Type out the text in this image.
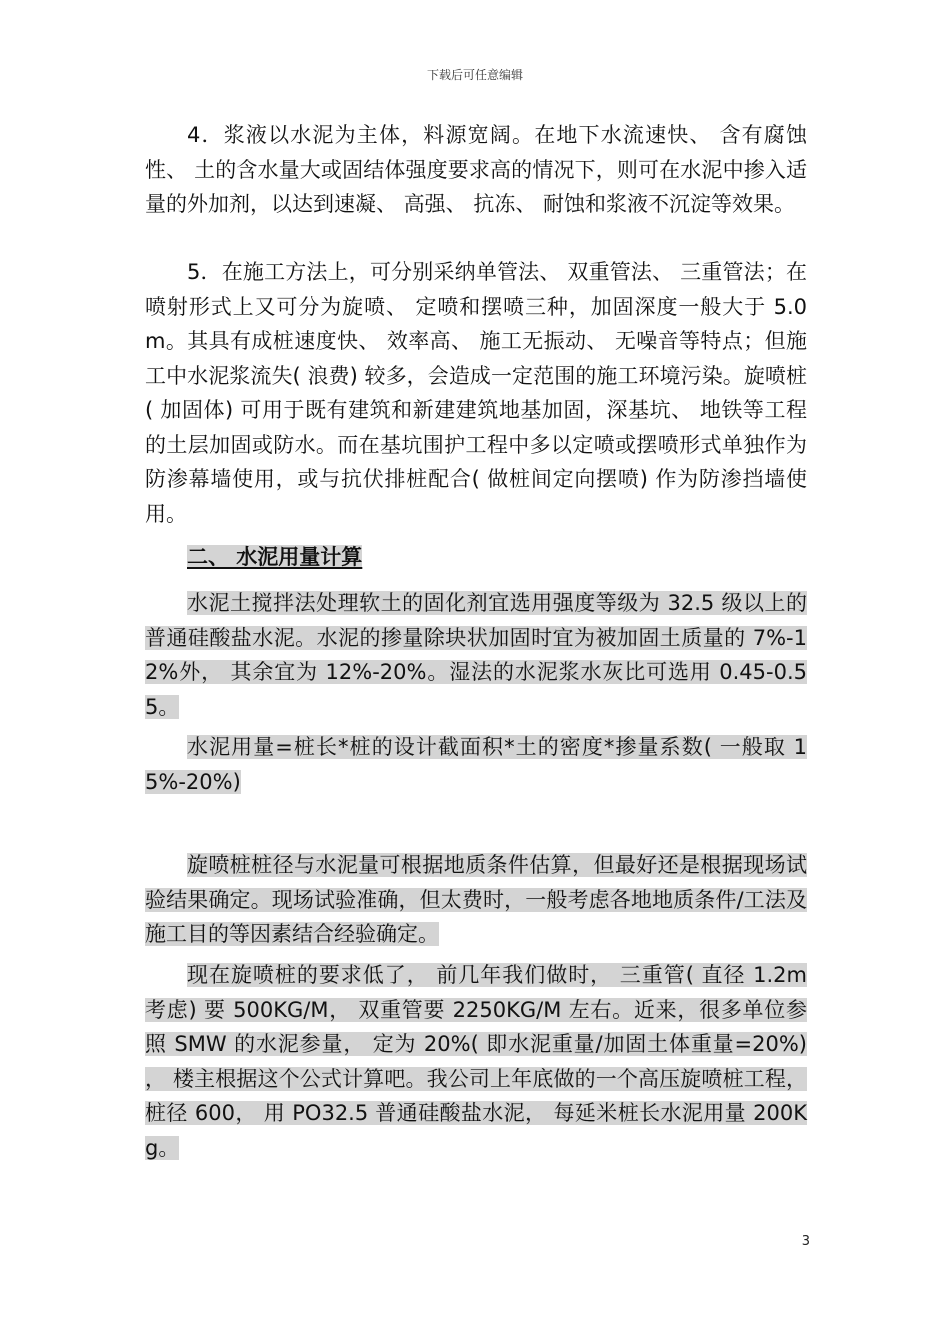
下载后可任意编辑

4．浆液以水泥为主体，料源宽阔。在地下水流速快、 含有腐蚀性、 土的含水量大或固结体强度要求高的情况下，则可在水泥中掺入适量的外加剂，以达到速凝、 高强、 抗冻、 耐蚀和浆液不沉淀等效果。

5．在施工方法上，可分别采纳单管法、 双重管法、 三重管法；在喷射形式上又可分为旋喷、 定喷和摆喷三种，加固深度一般大于 5.0m。其具有成桩速度快、 效率高、 施工无振动、 无噪音等特点；但施工中水泥浆流失( 浪费) 较多，会造成一定范围的施工环境污染。旋喷桩( 加固体) 可用于既有建筑和新建建筑地基加固，深基坑、 地铁等工程的土层加固或防水。而在基坑围护工程中多以定喷或摆喷形式单独作为防渗幕墙使用，或与抗伏排桩配合( 做桩间定向摆喷) 作为防渗挡墙使用。

二、 水泥用量计算

水泥土搅拌法处理软土的固化剂宜选用强度等级为 32.5 级以上的普通硅酸盐水泥。水泥的掺量除块状加固时宜为被加固土质量的 7%-12%外， 其余宜为 12%-20%。湿法的水泥浆水灰比可选用 0.45-0.55。

水泥用量=桩长*桩的设计截面积*土的密度*掺量系数( 一般取 15%-20%)

旋喷桩桩径与水泥量可根据地质条件估算，但最好还是根据现场试验结果确定。现场试验准确，但太费时，一般考虑各地地质条件/工法及施工目的等因素结合经验确定。

现在旋喷桩的要求低了， 前几年我们做时， 三重管( 直径 1.2m 考虑) 要 500KG/M， 双重管要 2250KG/M 左右。近来，很多单位参照 SMW 的水泥参量， 定为 20%( 即水泥重量/加固土体重量=20%) ， 楼主根据这个公式计算吧。我公司上年底做的一个高压旋喷桩工程， 桩径 600， 用 PO32.5 普通硅酸盐水泥， 每延米桩长水泥用量 200Kg。

3
